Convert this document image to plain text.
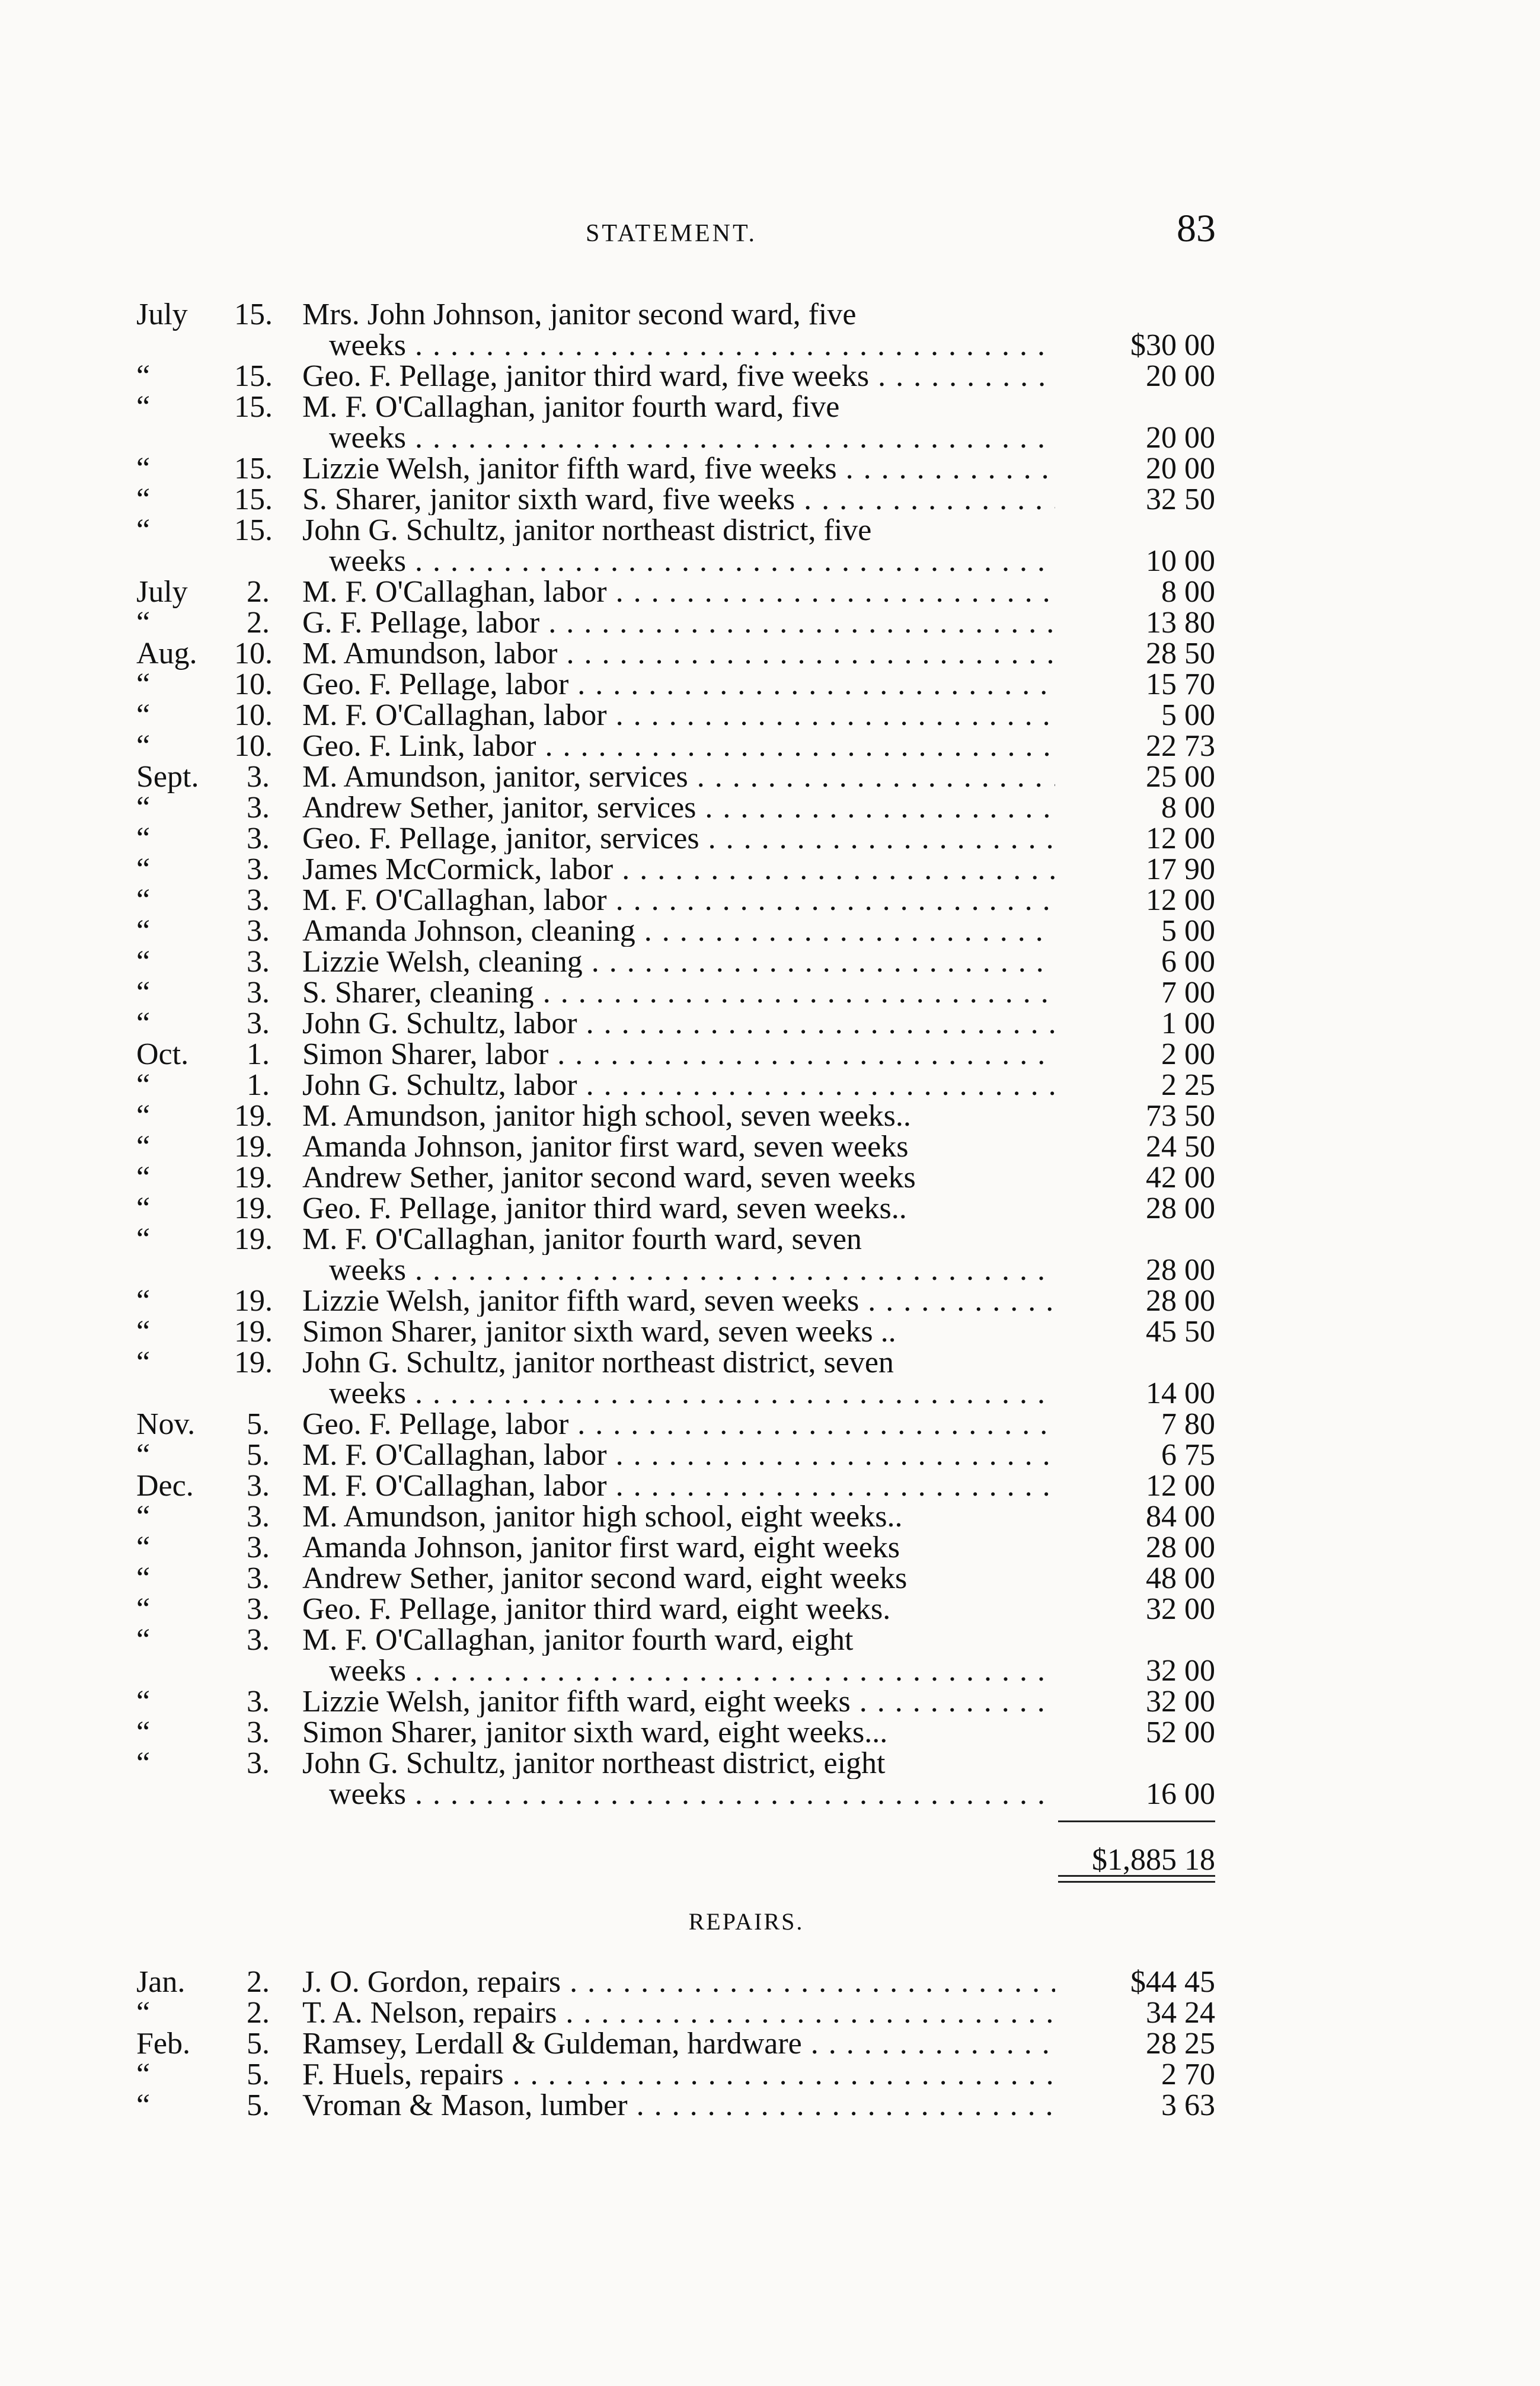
STATEMENT.	83
July	15. Mrs. John Johnson, janitor second ward, five
weeks . . .	$30 00
“	15. Geo. F. Pellage, janitor third ward, five weeks . . .	20 00
“	15. M. F. O'Callaghan, janitor fourth ward, five
weeks . . .	20 00
“	15. Lizzie Welsh, janitor fifth ward, five weeks . . .	20 00
“	15. S. Sharer, janitor sixth ward, five weeks . . .	32 50
“	15. John G. Schultz, janitor northeast district, five
weeks . . .	10 00
July	2. M. F. O'Callaghan, labor . . .	8 00
“	2. G. F. Pellage, labor . . .	13 80
Aug.	10. M. Amundson, labor . . .	28 50
“	10. Geo. F. Pellage, labor . . .	15 70
“	10. M. F. O'Callaghan, labor . . .	5 00
“	10. Geo. F. Link, labor . . .	22 73
Sept.	3. M. Amundson, janitor, services . . .	25 00
“	3. Andrew Sether, janitor, services . . .	8 00
“	3. Geo. F. Pellage, janitor, services . . .	12 00
“	3. James McCormick, labor . . .	17 90
“	3. M. F. O'Callaghan, labor . . .	12 00
“	3. Amanda Johnson, cleaning . . .	5 00
“	3. Lizzie Welsh, cleaning . . .	6 00
“	3. S. Sharer, cleaning . . .	7 00
“	3. John G. Schultz, labor . . .	1 00
Oct.	1. Simon Sharer, labor . . .	2 00
“	1. John G. Schultz, labor . . .	2 25
“	19. M. Amundson, janitor high school, seven weeks..	73 50
“	19. Amanda Johnson, janitor first ward, seven weeks	24 50
“	19. Andrew Sether, janitor second ward, seven weeks	42 00
“	19. Geo. F. Pellage, janitor third ward, seven weeks..	28 00
“	19. M. F. O'Callaghan, janitor fourth ward, seven
weeks . . .	28 00
“	19. Lizzie Welsh, janitor fifth ward, seven weeks . . .	28 00
“	19. Simon Sharer, janitor sixth ward, seven weeks ..	45 50
“	19. John G. Schultz, janitor northeast district, seven
weeks . . .	14 00
Nov.	5. Geo. F. Pellage, labor . . .	7 80
“	5. M. F. O'Callaghan, labor . . .	6 75
Dec.	3. M. F. O'Callaghan, labor . . .	12 00
“	3. M. Amundson, janitor high school, eight weeks..	84 00
“	3. Amanda Johnson, janitor first ward, eight weeks	28 00
“	3. Andrew Sether, janitor second ward, eight weeks	48 00
“	3. Geo. F. Pellage, janitor third ward, eight weeks.	32 00
“	3. M. F. O'Callaghan, janitor fourth ward, eight
weeks . . .	32 00
“	3. Lizzie Welsh, janitor fifth ward, eight weeks . . .	32 00
“	3. Simon Sharer, janitor sixth ward, eight weeks...	52 00
“	3. John G. Schultz, janitor northeast district, eight
weeks . . .	16 00
$1,885 18
REPAIRS.
Jan.	2. J. O. Gordon, repairs . . .	$44 45
“	2. T. A. Nelson, repairs . . .	34 24
Feb.	5. Ramsey, Lerdall & Guldeman, hardware . . .	28 25
“	5. F. Huels, repairs . . .	2 70
“	5. Vroman & Mason, lumber . . .	3 63
